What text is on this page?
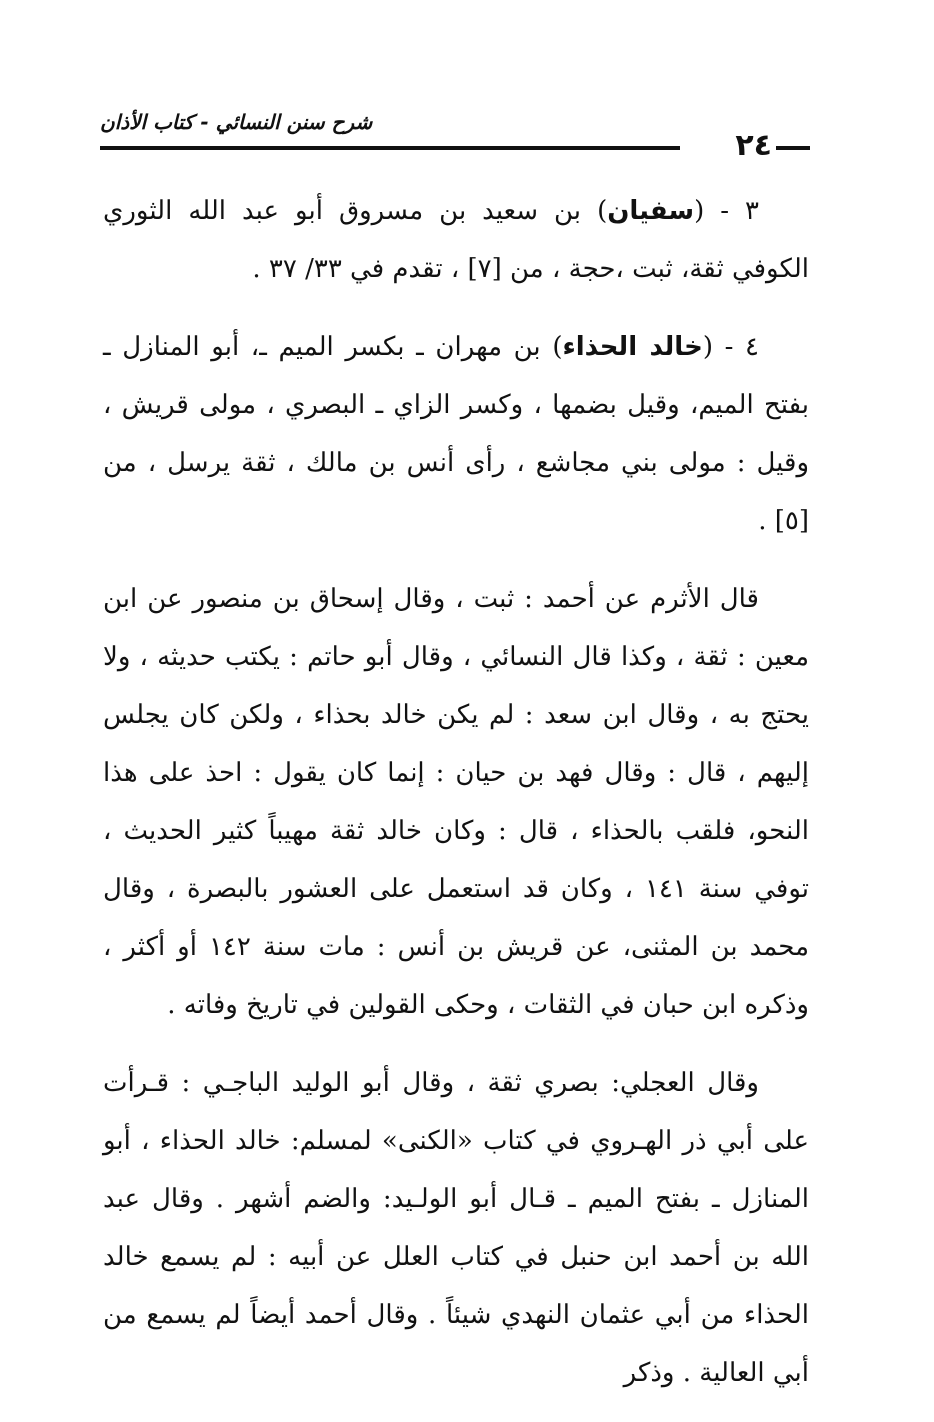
شرح سنن النسائي - كتاب الأذان
٢٤

٣ - (سفيان) بن سعيد بن مسروق أبو عبد الله الثوري الكوفي ثقة، ثبت ،حجة ، من [٧] ، تقدم في ٣٣/ ٣٧ .

٤ - (خالد الحذاء) بن مهران ـ بكسر الميم ـ، أبو المنازل ـ بفتح الميم، وقيل بضمها ، وكسر الزاي ـ البصري ، مولى قريش ، وقيل : مولى بني مجاشع ، رأى أنس بن مالك ، ثقة يرسل ، من [٥] .

قال الأثرم عن أحمد : ثبت ، وقال إسحاق بن منصور عن ابن معين : ثقة ، وكذا قال النسائي ، وقال أبو حاتم : يكتب حديثه ، ولا يحتج به ، وقال ابن سعد : لم يكن خالد بحذاء ، ولكن كان يجلس إليهم ، قال : وقال فهد بن حيان : إنما كان يقول : احذ على هذا النحو، فلقب بالحذاء ، قال : وكان خالد ثقة مهيباً كثير الحديث ، توفي سنة ١٤١ ، وكان قد استعمل على العشور بالبصرة ، وقال محمد بن المثنى، عن قريش بن أنس : مات سنة ١٤٢ أو أكثر ، وذكره ابن حبان في الثقات ، وحكى القولين في تاريخ وفاته .

وقال العجلي: بصري ثقة ، وقال أبو الوليد الباجـي : قـرأت على أبي ذر الهـروي في كتاب «الكنى» لمسلم: خالد الحذاء ، أبو المنازل ـ بفتح الميم ـ قـال أبو الولـيد: والضم أشهر . وقال عبد الله بن أحمد ابن حنبل في كتاب العلل عن أبيه : لم يسمع خالد الحذاء من أبي عثمان النهدي شيئاً . وقال أحمد أيضاً لم يسمع من أبي العالية . وذكر
